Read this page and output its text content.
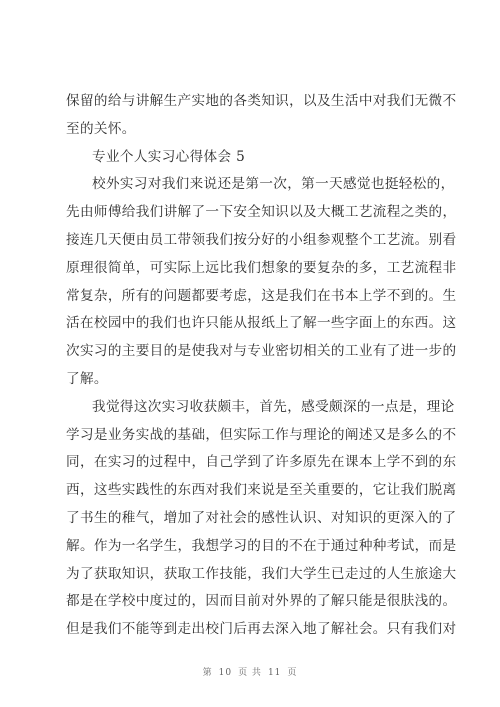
保留的给与讲解生产实地的各类知识，以及生活中对我们无微不
至的关怀。
专业个人实习心得体会 5
校外实习对我们来说还是第一次，第一天感觉也挺轻松的，
先由师傅给我们讲解了一下安全知识以及大概工艺流程之类的，
接连几天便由员工带领我们按分好的小组参观整个工艺流。别看
原理很简单，可实际上远比我们想象的要复杂的多，工艺流程非
常复杂，所有的问题都要考虑，这是我们在书本上学不到的。生
活在校园中的我们也许只能从报纸上了解一些字面上的东西。这
次实习的主要目的是使我对与专业密切相关的工业有了进一步的
了解。
我觉得这次实习收获颇丰，首先，感受颇深的一点是，理论
学习是业务实战的基础，但实际工作与理论的阐述又是多么的不
同，在实习的过程中，自己学到了许多原先在课本上学不到的东
西，这些实践性的东西对我们来说是至关重要的，它让我们脱离
了书生的稚气，增加了对社会的感性认识、对知识的更深入的了
解。作为一名学生，我想学习的目的不在于通过种种考试，而是
为了获取知识，获取工作技能，我们大学生已走过的人生旅途大
都是在学校中度过的，因而目前对外界的了解只能是很肤浅的。
但是我们不能等到走出校门后再去深入地了解社会。只有我们对
第 10 页 共 11 页
